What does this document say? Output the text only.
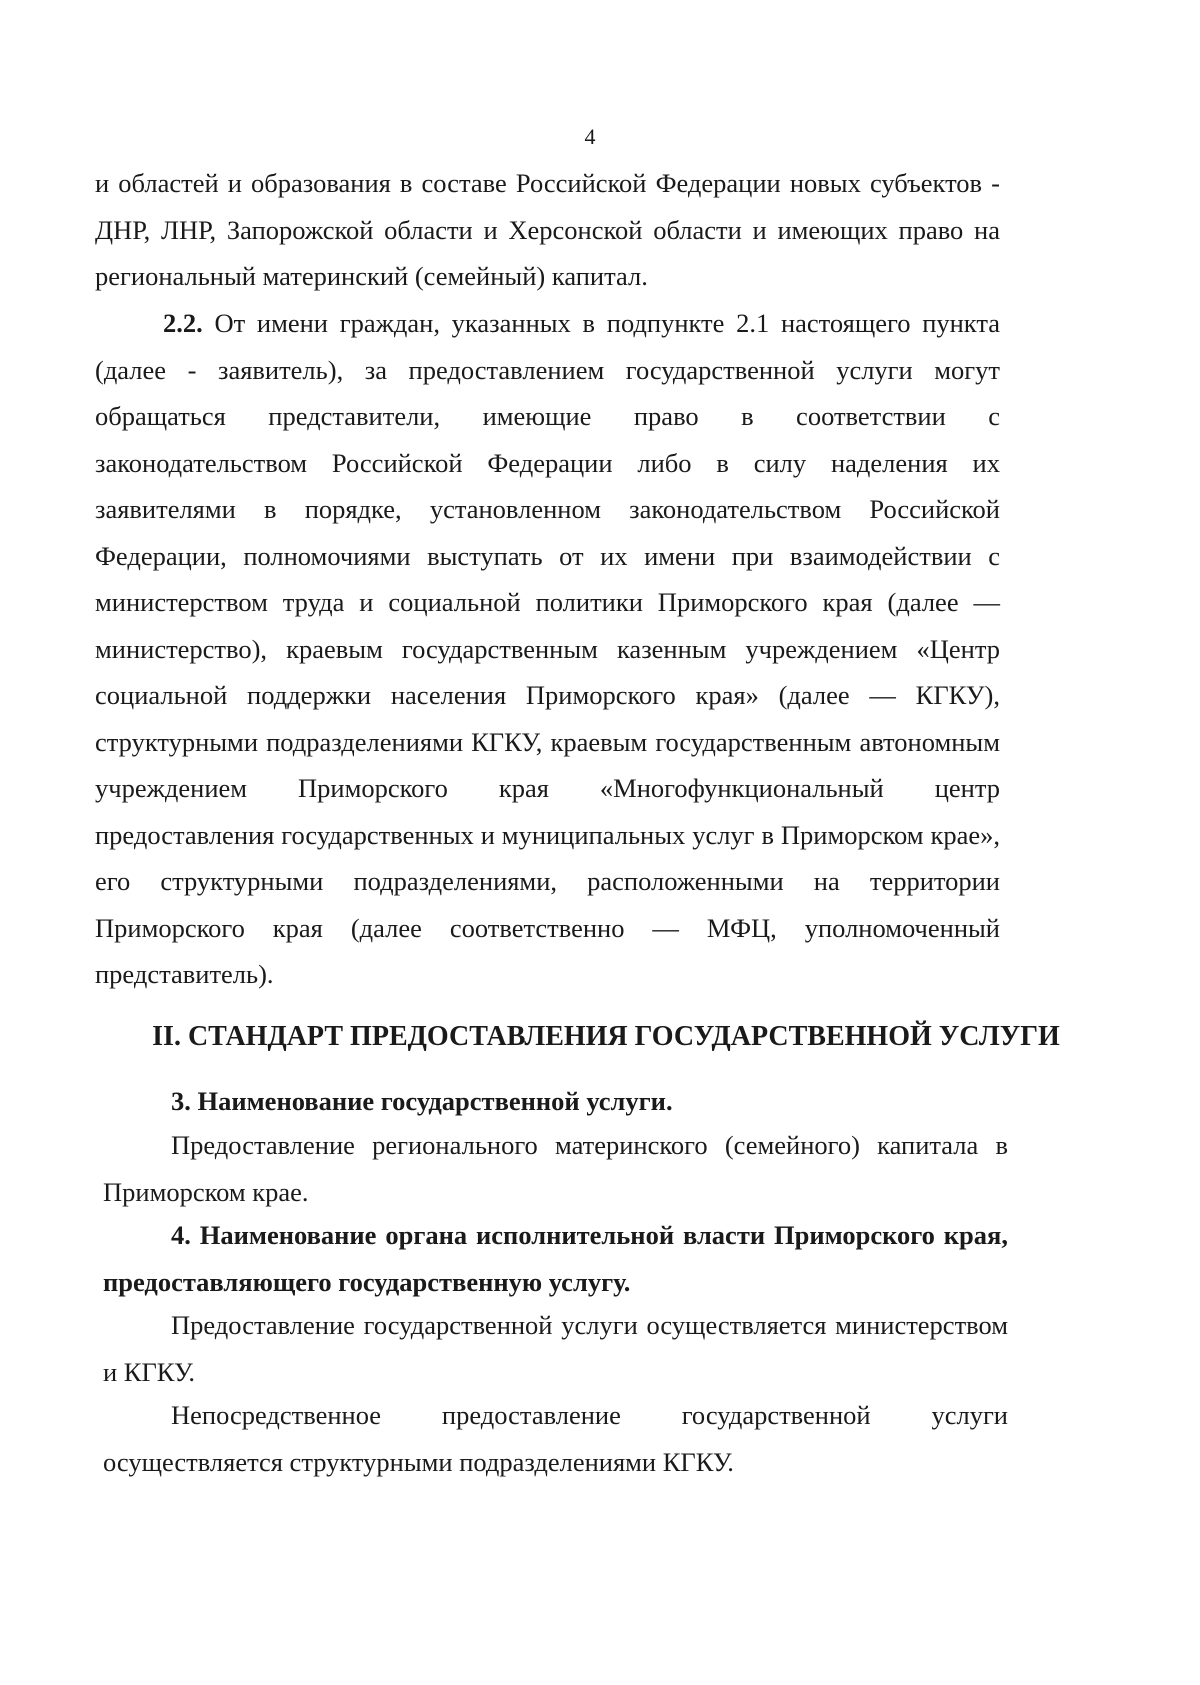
4
и областей и образования в составе Российской Федерации новых субъектов - ДНР, ЛНР, Запорожской области и Херсонской области и имеющих право на региональный материнский (семейный) капитал.
2.2. От имени граждан, указанных в подпункте 2.1 настоящего пункта (далее - заявитель), за предоставлением государственной услуги могут обращаться представители, имеющие право в соответствии с законодательством Российской Федерации либо в силу наделения их заявителями в порядке, установленном законодательством Российской Федерации, полномочиями выступать от их имени при взаимодействии с министерством труда и социальной политики Приморского края (далее — министерство), краевым государственным казенным учреждением «Центр социальной поддержки населения Приморского края» (далее — КГКУ), структурными подразделениями КГКУ, краевым государственным автономным учреждением Приморского края «Многофункциональный центр предоставления государственных и муниципальных услуг в Приморском крае», его структурными подразделениями, расположенными на территории Приморского края (далее соответственно — МФЦ, уполномоченный представитель).
II. СТАНДАРТ ПРЕДОСТАВЛЕНИЯ ГОСУДАРСТВЕННОЙ УСЛУГИ
3. Наименование государственной услуги.
Предоставление регионального материнского (семейного) капитала в Приморском крае.
4. Наименование органа исполнительной власти Приморского края, предоставляющего государственную услугу.
Предоставление государственной услуги осуществляется министерством и КГКУ.
Непосредственное предоставление государственной услуги осуществляется структурными подразделениями КГКУ.
